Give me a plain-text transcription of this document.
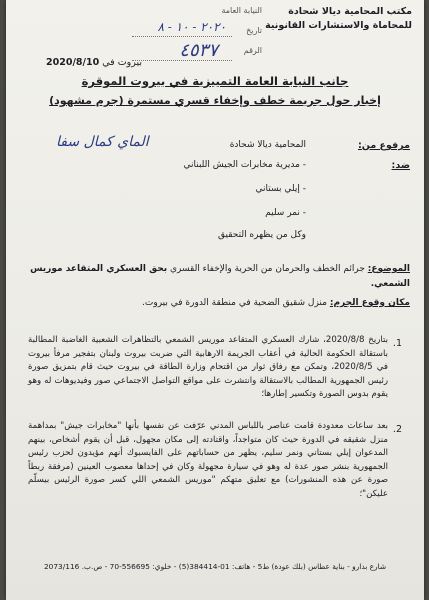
مكتب المحامية ديالا شحادة
للمحاماة والاستشارات القانونية
النيابة العامة
تاريخ
٢٠٢٠ - ١٠ - ٨
الرقم
٤٥٣٧
بيروت في 2020/8/10
جانب النيابة العامة التمييزية في بيروت الموقرة
إخبار حول جريمة خطف وإخفاء قسري مستمرة (جرم مشهود)
مرفوع من:
المحامية ديالا شحادة
الماي كمال سفا
ضد:
- مديرية مخابرات الجيش اللبناني
- إيلي بستاني
- نمر سليم
وكل من يظهره التحقيق
الموضوع: جرائم الخطف والحرمان من الحرية والإخفاء القسري بحق العسكري المتقاعد موريس
الشمعي.
مكان وقوع الجرم: منزل شقيق الضحية في منطقة الدورة في بيروت.
1.
بتاريخ 2020/8/8، شارك العسكري المتقاعد موريس الشمعي بالتظاهرات الشعبية الغاضبة المطالبة باستقالة الحكومة الحالية في أعقاب الجريمة الارهابية التي ضربت بيروت ولبنان بتفجير مرفأ بيروت في 2020/8/5، وتمكن مع رفاق ثوار من اقتحام وزارة الطاقة في بيروت حيث قام بتمزيق صورة رئيس الجمهورية المطالب بالاستقالة وانتشرت على مواقع التواصل الاجتماعي صور وفيديوهات له وهو يقوم بدوس الصورة وتكسير إطارها؛
2.
بعد ساعات معدودة قامت عناصر باللباس المدني عرّفت عن نفسها بأنها "مخابرات جيش" بمداهمة منزل شقيقه في الدورة حيث كان متواجداً، واقتادته إلى مكان مجهول، قبل أن يقوم أشخاص، بينهم المدعوان إيلي بستاني ونمر سليم، يظهر من حساباتهم على الفايسبوك أنهم مؤيدون لحزب رئيس الجمهورية بنشر صور عدة له وهو في سيارة مجهولة وكان في إحداها معصوب العينين (مرفقة ربطاً صورة عن هذه المنشورات) مع تعليق متهكم "موريس الشمعي اللي كسر صورة الرئيس بيسلّم عليكن"؛
شارع بدارو - بناية عطاس (بلك عودة) ط5 - هاتف: 01-384414(5) - خلوي: 556695-70 - ص.ب. 2073/116
